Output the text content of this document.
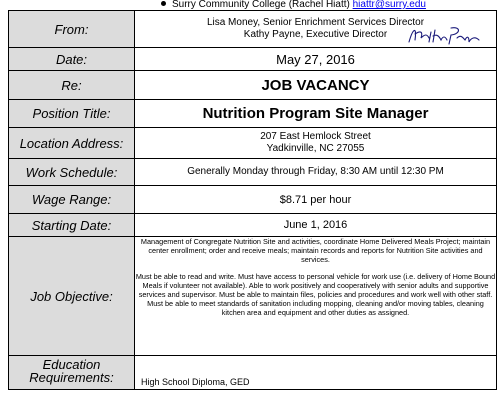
Surry Community College (Rachel Hiatt) hiattr@surry.edu
From:	Lisa Money, Senior Enrichment Services Director
Kathy Payne, Executive Director

Date:	May 27, 2016
Re:	JOB VACANCY
Position Title:	Nutrition Program Site Manager
Location Address:	207 East Hemlock Street
Yadkinville, NC 27055

Work Schedule:	Generally Monday through Friday, 8:30 AM until 12:30 PM
Wage Range:	$8.71 per hour
Starting Date:	June 1, 2016
Job Objective:	Management of Congregate Nutrition Site and activities, coordinate Home Delivered Meals Project; maintain center enrollment; order and receive meals; maintain records and reports for Nutrition Site activities and services.

Must be able to read and write. Must have access to personal vehicle for work use (i.e. delivery of Home Bound Meals if volunteer not available). Able to work positively and cooperatively with senior adults and supportive services and supervisor. Must be able to maintain files, policies and procedures and work well with other staff. Must be able to meet standards of sanitation including mopping, cleaning and/or moving tables, cleaning kitchen area and equipment and other duties as assigned.

Education
Requirements:	High School Diploma, GED
